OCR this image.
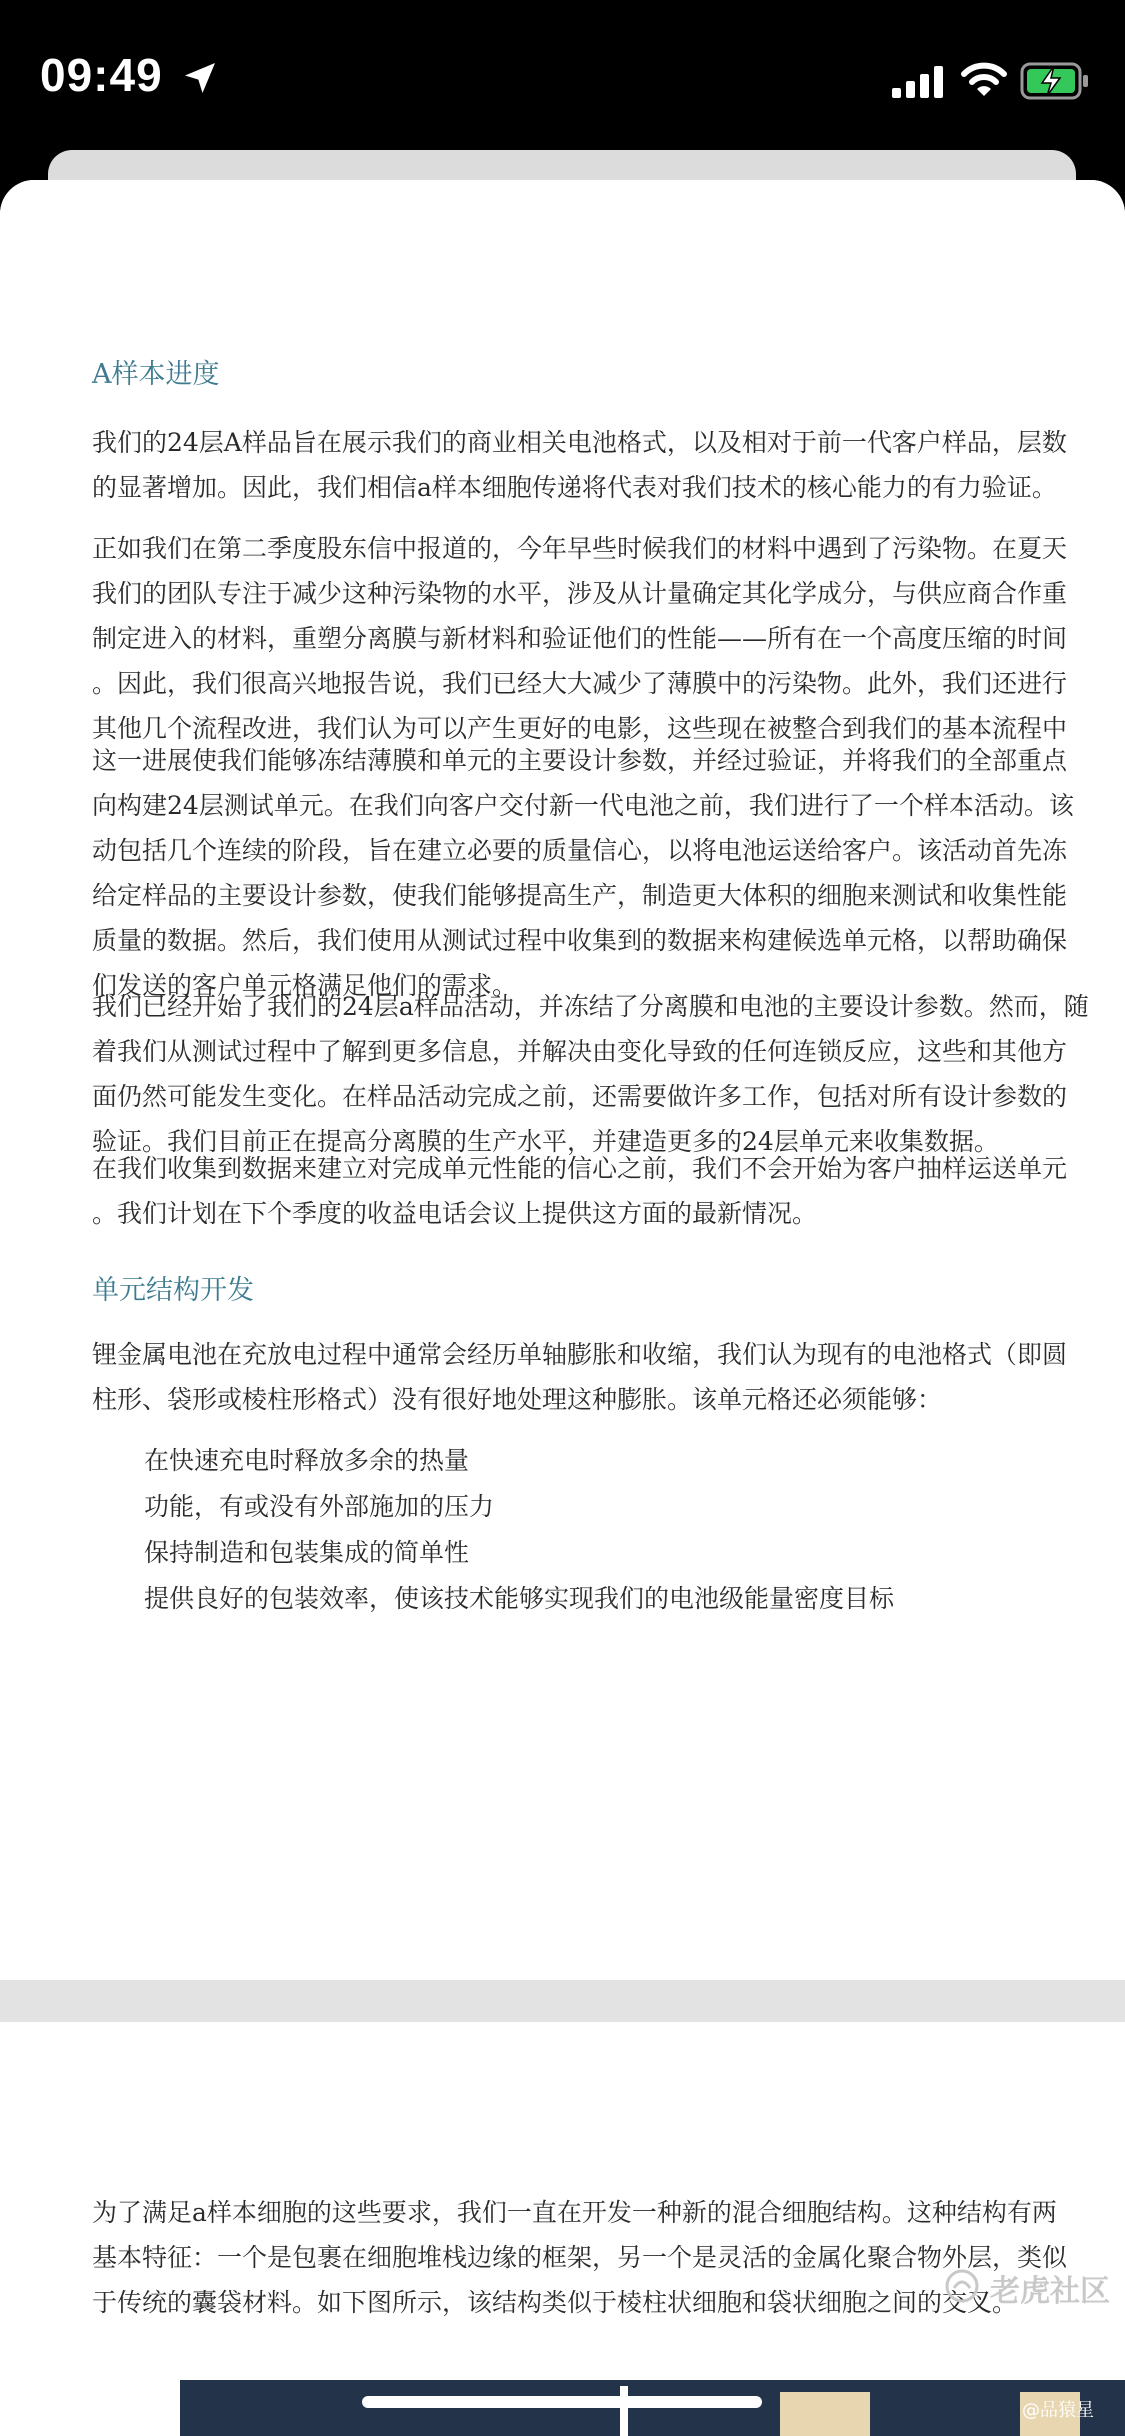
09:49
A样本进度
我们的24层A样品旨在展示我们的商业相关电池格式，以及相对于前一代客户样品，层数
的显著增加。因此，我们相信a样本细胞传递将代表对我们技术的核心能力的有力验证。
正如我们在第二季度股东信中报道的，今年早些时候我们的材料中遇到了污染物。在夏天
我们的团队专注于减少这种污染物的水平，涉及从计量确定其化学成分，与供应商合作重
制定进入的材料，重塑分离膜与新材料和验证他们的性能——所有在一个高度压缩的时间
。因此，我们很高兴地报告说，我们已经大大减少了薄膜中的污染物。此外，我们还进行
其他几个流程改进，我们认为可以产生更好的电影，这些现在被整合到我们的基本流程中
这一进展使我们能够冻结薄膜和单元的主要设计参数，并经过验证，并将我们的全部重点
向构建24层测试单元。在我们向客户交付新一代电池之前，我们进行了一个样本活动。该
动包括几个连续的阶段，旨在建立必要的质量信心，以将电池运送给客户。该活动首先冻
给定样品的主要设计参数，使我们能够提高生产，制造更大体积的细胞来测试和收集性能
质量的数据。然后，我们使用从测试过程中收集到的数据来构建候选单元格，以帮助确保
们发送的客户单元格满足他们的需求。
我们已经开始了我们的24层a样品活动，并冻结了分离膜和电池的主要设计参数。然而，随
着我们从测试过程中了解到更多信息，并解决由变化导致的任何连锁反应，这些和其他方
面仍然可能发生变化。在样品活动完成之前，还需要做许多工作，包括对所有设计参数的
验证。我们目前正在提高分离膜的生产水平，并建造更多的24层单元来收集数据。
在我们收集到数据来建立对完成单元性能的信心之前，我们不会开始为客户抽样运送单元
。我们计划在下个季度的收益电话会议上提供这方面的最新情况。
单元结构开发
锂金属电池在充放电过程中通常会经历单轴膨胀和收缩，我们认为现有的电池格式（即圆
柱形、袋形或棱柱形格式）没有很好地处理这种膨胀。该单元格还必须能够：
在快速充电时释放多余的热量
功能，有或没有外部施加的压力
保持制造和包装集成的简单性
提供良好的包装效率，使该技术能够实现我们的电池级能量密度目标
为了满足a样本细胞的这些要求，我们一直在开发一种新的混合细胞结构。这种结构有两
基本特征：一个是包裹在细胞堆栈边缘的框架，另一个是灵活的金属化聚合物外层，类似
于传统的囊袋材料。如下图所示，该结构类似于棱柱状细胞和袋状细胞之间的交叉。
老虎社区
@品猿星
